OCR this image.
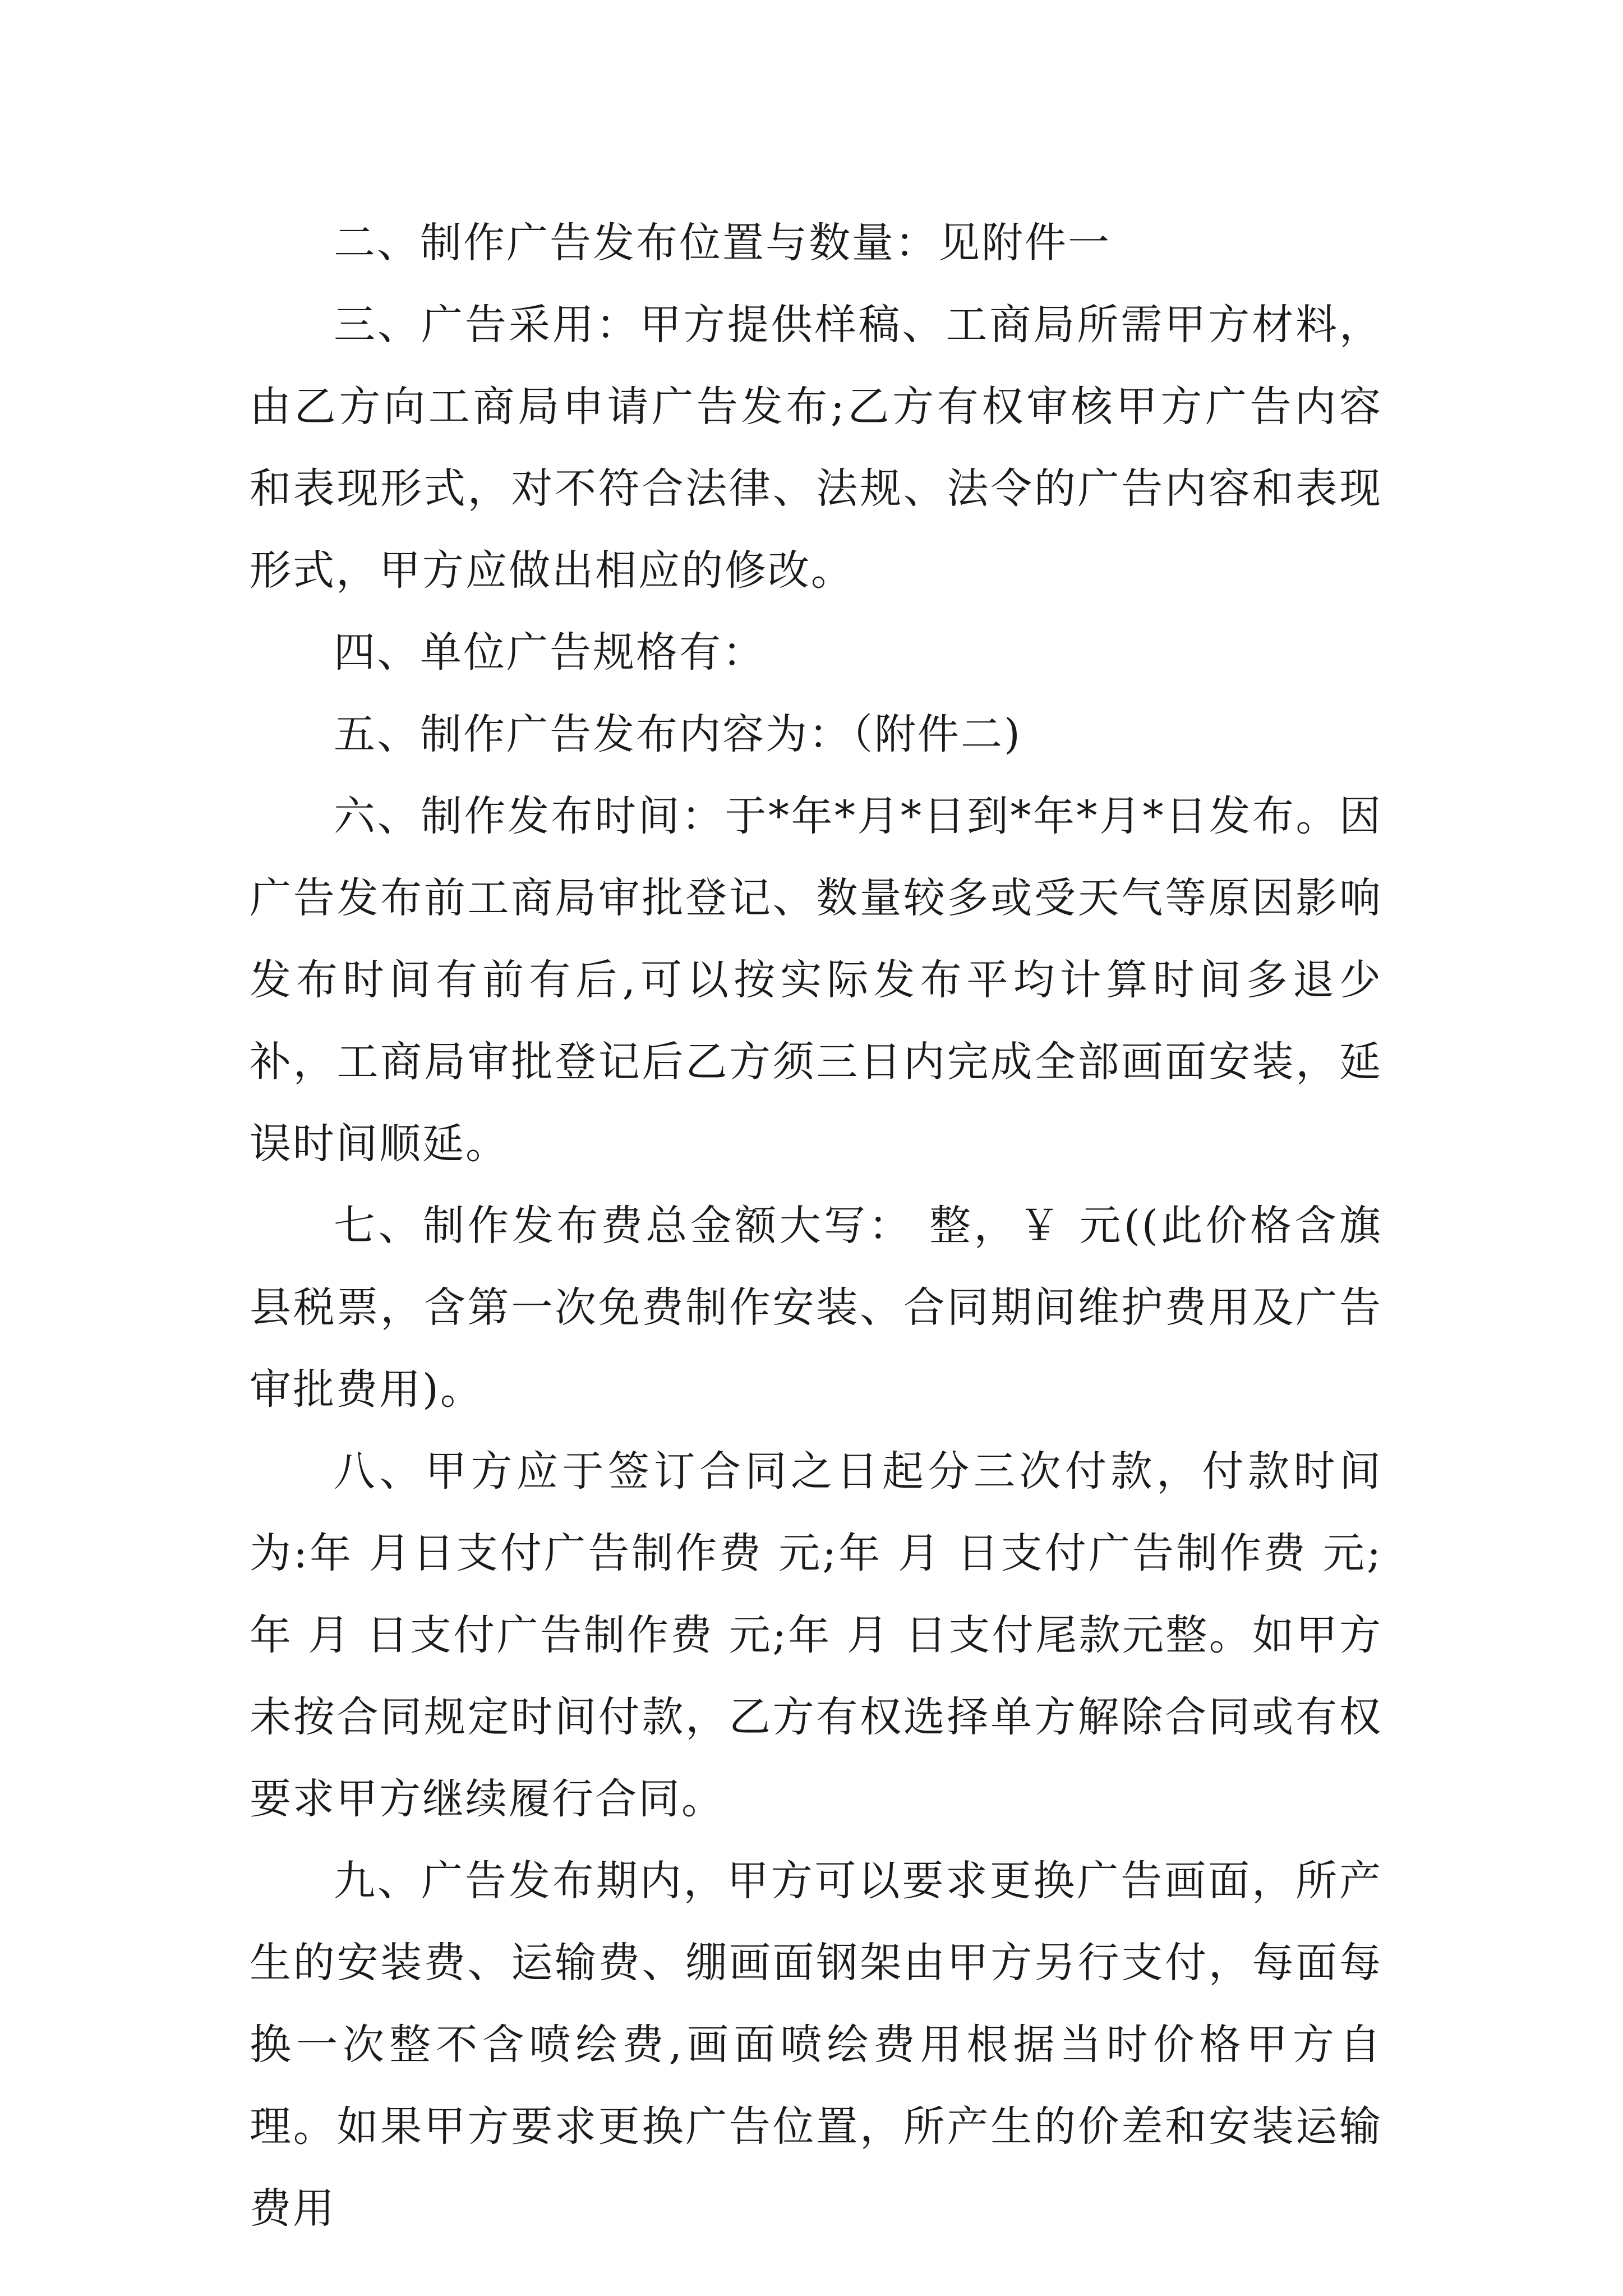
二、制作广告发布位置与数量：见附件一

三、广告采用：甲方提供样稿、工商局所需甲方材料，由乙方向工商局申请广告发布;乙方有权审核甲方广告内容和表现形式，对不符合法律、法规、法令的广告内容和表现形式，甲方应做出相应的修改。

四、单位广告规格有：

五、制作广告发布内容为：（附件二)

六、制作发布时间：于*年*月*日到*年*月*日发布。因广告发布前工商局审批登记、数量较多或受天气等原因影响发布时间有前有后,可以按实际发布平均计算时间多退少补，工商局审批登记后乙方须三日内完成全部画面安装，延误时间顺延。

七、制作发布费总金额大写： 整，￥ 元((此价格含旗县税票，含第一次免费制作安装、合同期间维护费用及广告审批费用)。

八、甲方应于签订合同之日起分三次付款，付款时间为:年 月日支付广告制作费 元;年 月 日支付广告制作费 元;年 月 日支付广告制作费 元;年 月 日支付尾款元整。如甲方未按合同规定时间付款，乙方有权选择单方解除合同或有权要求甲方继续履行合同。

九、广告发布期内，甲方可以要求更换广告画面，所产生的安装费、运输费、绷画面钢架由甲方另行支付，每面每换一次整不含喷绘费,画面喷绘费用根据当时价格甲方自理。如果甲方要求更换广告位置，所产生的价差和安装运输费用
